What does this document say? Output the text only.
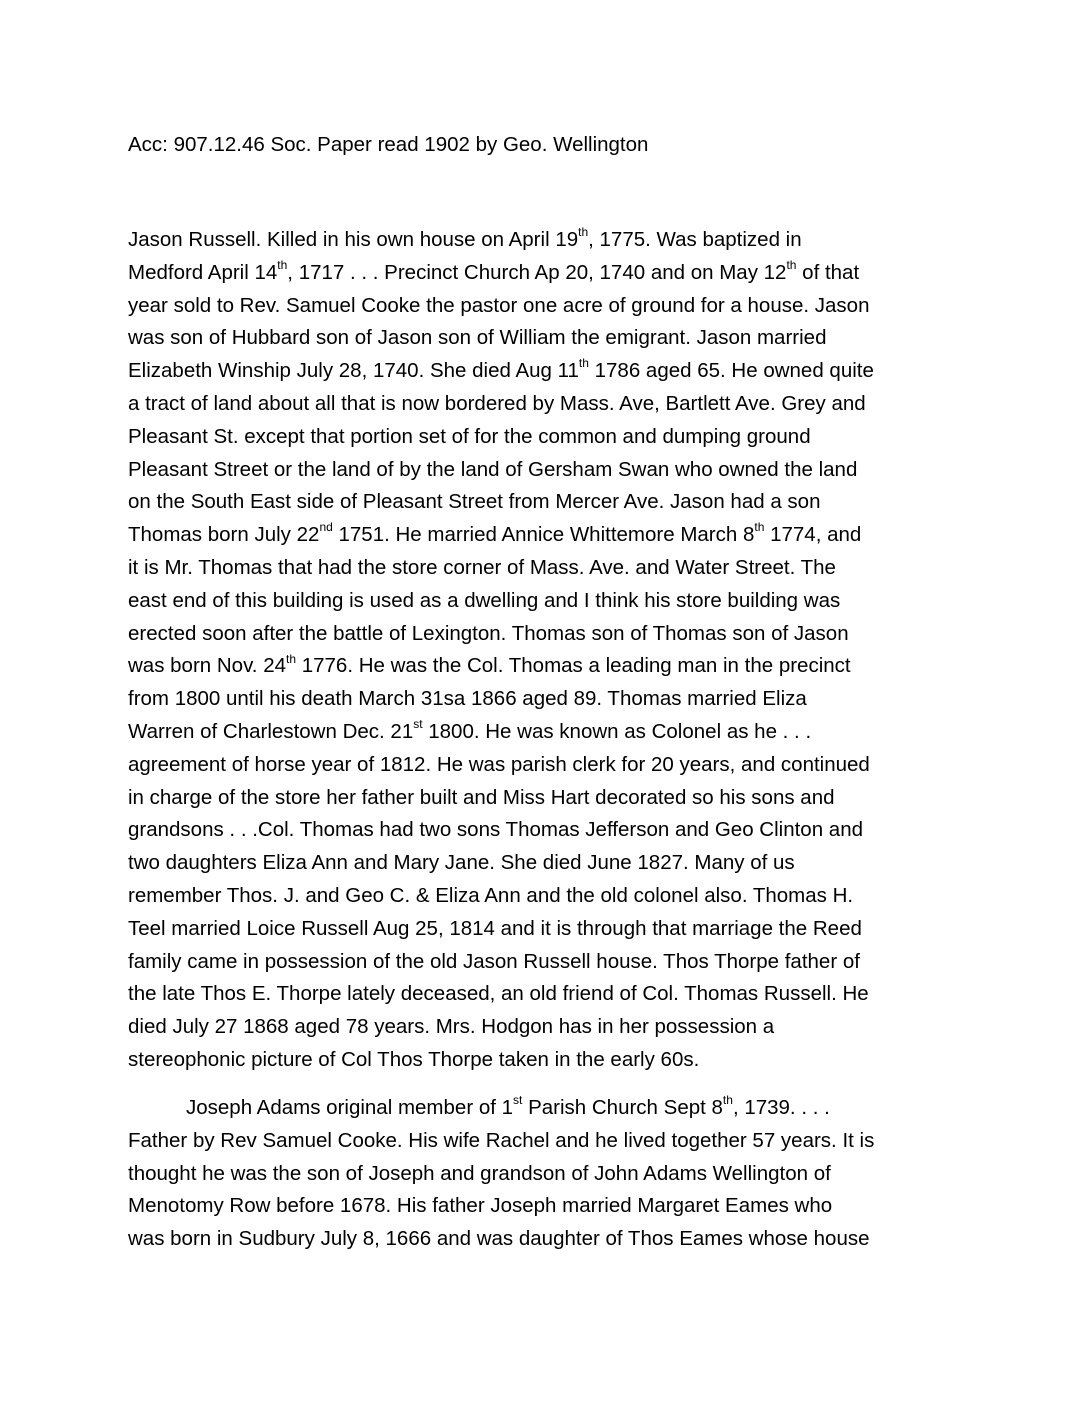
Acc: 907.12.46 Soc. Paper read 1902 by Geo. Wellington
Jason Russell. Killed in his own house on April 19th, 1775. Was baptized in
Medford April 14th, 1717 . . . Precinct Church Ap 20, 1740 and on May 12th of that
year sold to Rev. Samuel Cooke the pastor one acre of ground for a house. Jason
was son of Hubbard son of Jason son of William the emigrant. Jason married
Elizabeth Winship July 28, 1740. She died Aug 11th 1786 aged 65. He owned quite
a tract of land about all that is now bordered by Mass. Ave, Bartlett Ave. Grey and
Pleasant St. except that portion set of for the common and dumping ground
Pleasant Street or the land of by the land of Gersham Swan who owned the land
on the South East side of Pleasant Street from Mercer Ave. Jason had a son
Thomas born July 22nd 1751. He married Annice Whittemore March 8th 1774, and
it is Mr. Thomas that had the store corner of Mass. Ave. and Water Street. The
east end of this building is used as a dwelling and I think his store building was
erected soon after the battle of Lexington. Thomas son of Thomas son of Jason
was born Nov. 24th 1776. He was the Col. Thomas a leading man in the precinct
from 1800 until his death March 31sa 1866 aged 89. Thomas married Eliza
Warren of Charlestown Dec. 21st 1800. He was known as Colonel as he . . .
agreement of horse year of 1812. He was parish clerk for 20 years, and continued
in charge of the store her father built and Miss Hart decorated so his sons and
grandsons . . .Col. Thomas had two sons Thomas Jefferson and Geo Clinton and
two daughters Eliza Ann and Mary Jane. She died June 1827. Many of us
remember Thos. J. and Geo C. & Eliza Ann and the old colonel also. Thomas H.
Teel married Loice Russell Aug 25, 1814 and it is through that marriage the Reed
family came in possession of the old Jason Russell house. Thos Thorpe father of
the late Thos E. Thorpe lately deceased, an old friend of Col. Thomas Russell. He
died July 27 1868 aged 78 years. Mrs. Hodgon has in her possession a
stereophonic picture of Col Thos Thorpe taken in the early 60s.
Joseph Adams original member of 1st Parish Church Sept 8th, 1739. . . .
Father by Rev Samuel Cooke. His wife Rachel and he lived together 57 years. It is
thought he was the son of Joseph and grandson of John Adams Wellington of
Menotomy Row before 1678. His father Joseph married Margaret Eames who
was born in Sudbury July 8, 1666 and was daughter of Thos Eames whose house
